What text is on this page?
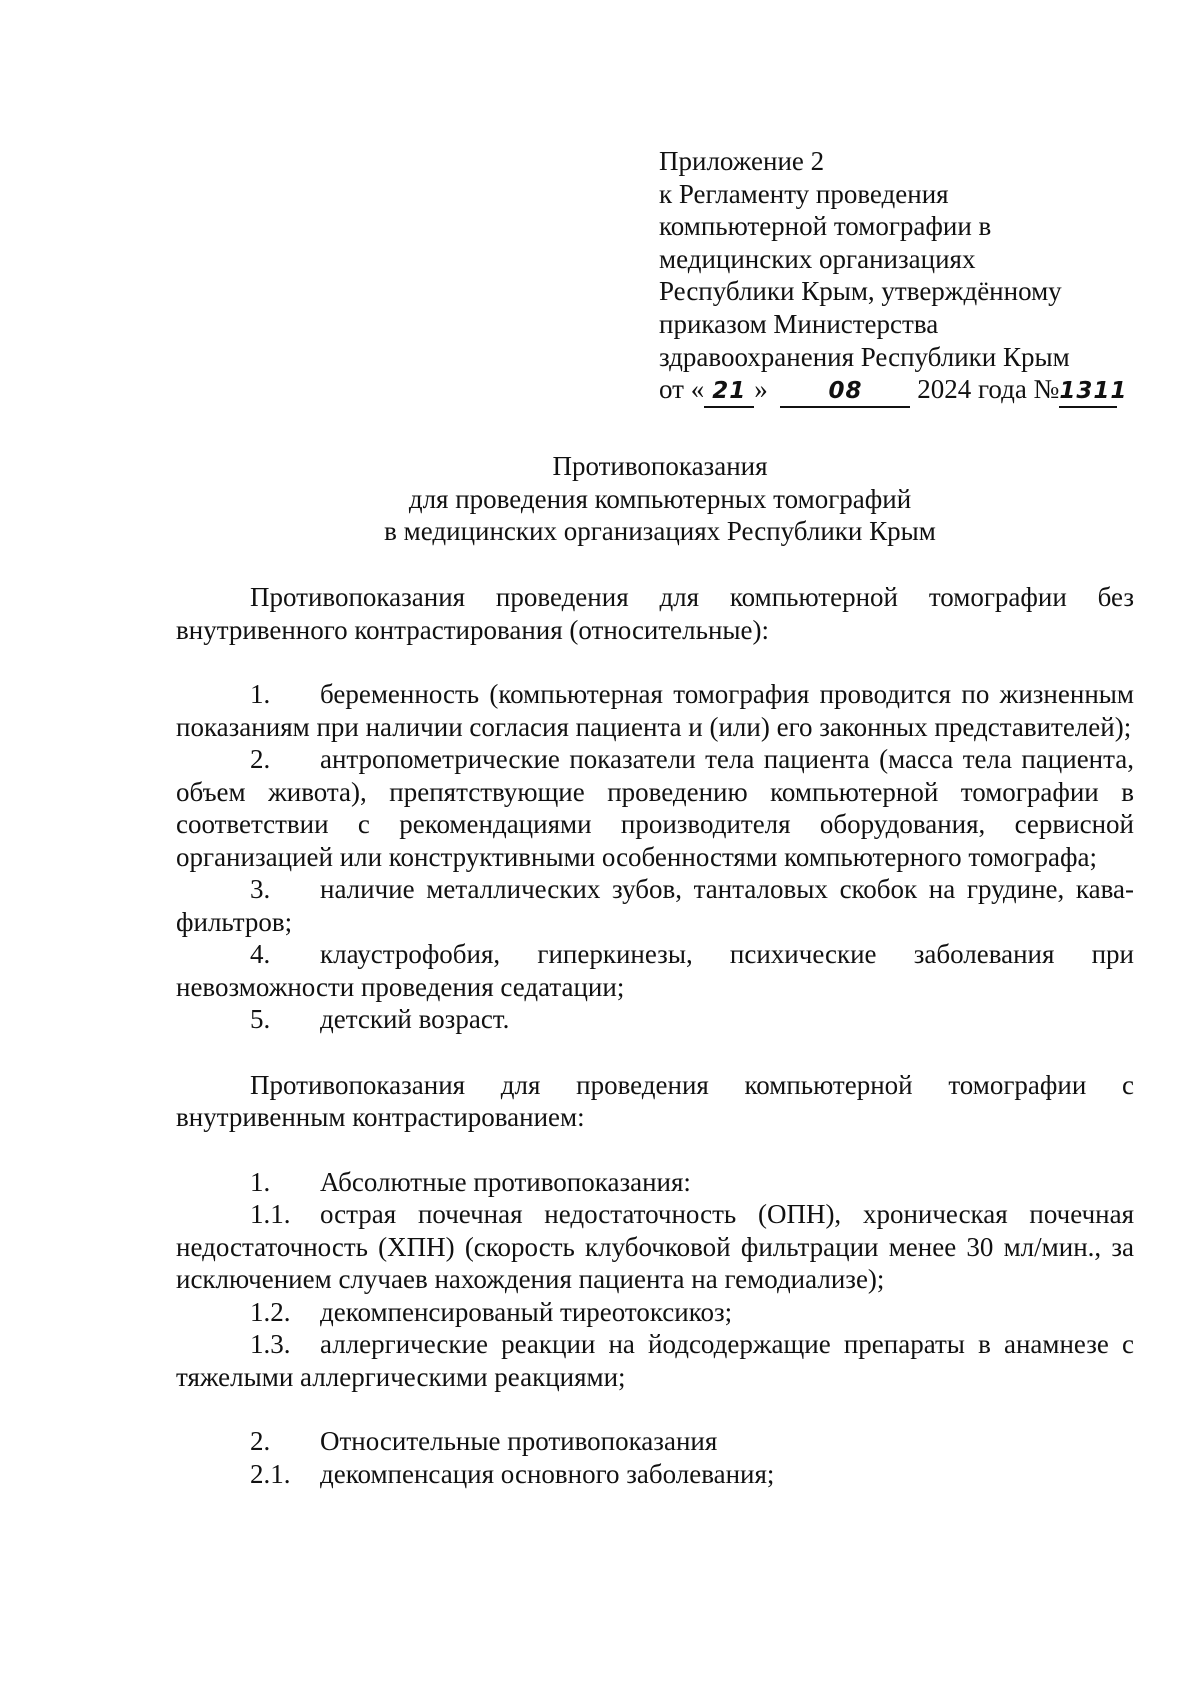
Приложение 2
к Регламенту проведения
компьютерной томографии в
медицинских организациях
Республики Крым, утверждённому
приказом Министерства
здравоохранения Республики Крым
от « 21 »	08 2024 года №1311
Противопоказания
для проведения компьютерных томографий
в медицинских организациях Республики Крым

Противопоказания проведения для компьютерной томографии без внутривенного контрастирования (относительные):

1. беременность (компьютерная томография проводится по жизненным показаниям при наличии согласия пациента и (или) его законных представителей);

2. антропометрические показатели тела пациента (масса тела пациента, объем живота), препятствующие проведению компьютерной томографии в соответствии с рекомендациями производителя оборудования, сервисной организацией или конструктивными особенностями компьютерного томографа;

3. наличие металлических зубов, танталовых скобок на грудине, кава-фильтров;

4. клаустрофобия, гиперкинезы, психические заболевания при невозможности проведения седатации;

5. детский возраст.

Противопоказания для проведения компьютерной томографии с внутривенным контрастированием:

1. Абсолютные противопоказания:

1.1. острая почечная недостаточность (ОПН), хроническая почечная недостаточность (ХПН) (скорость клубочковой фильтрации менее 30 мл/мин., за исключением случаев нахождения пациента на гемодиализе);

1.2. декомпенсированый тиреотоксикоз;

1.3. аллергические реакции на йодсодержащие препараты в анамнезе с тяжелыми аллергическими реакциями;

2. Относительные противопоказания

2.1. декомпенсация основного заболевания;
